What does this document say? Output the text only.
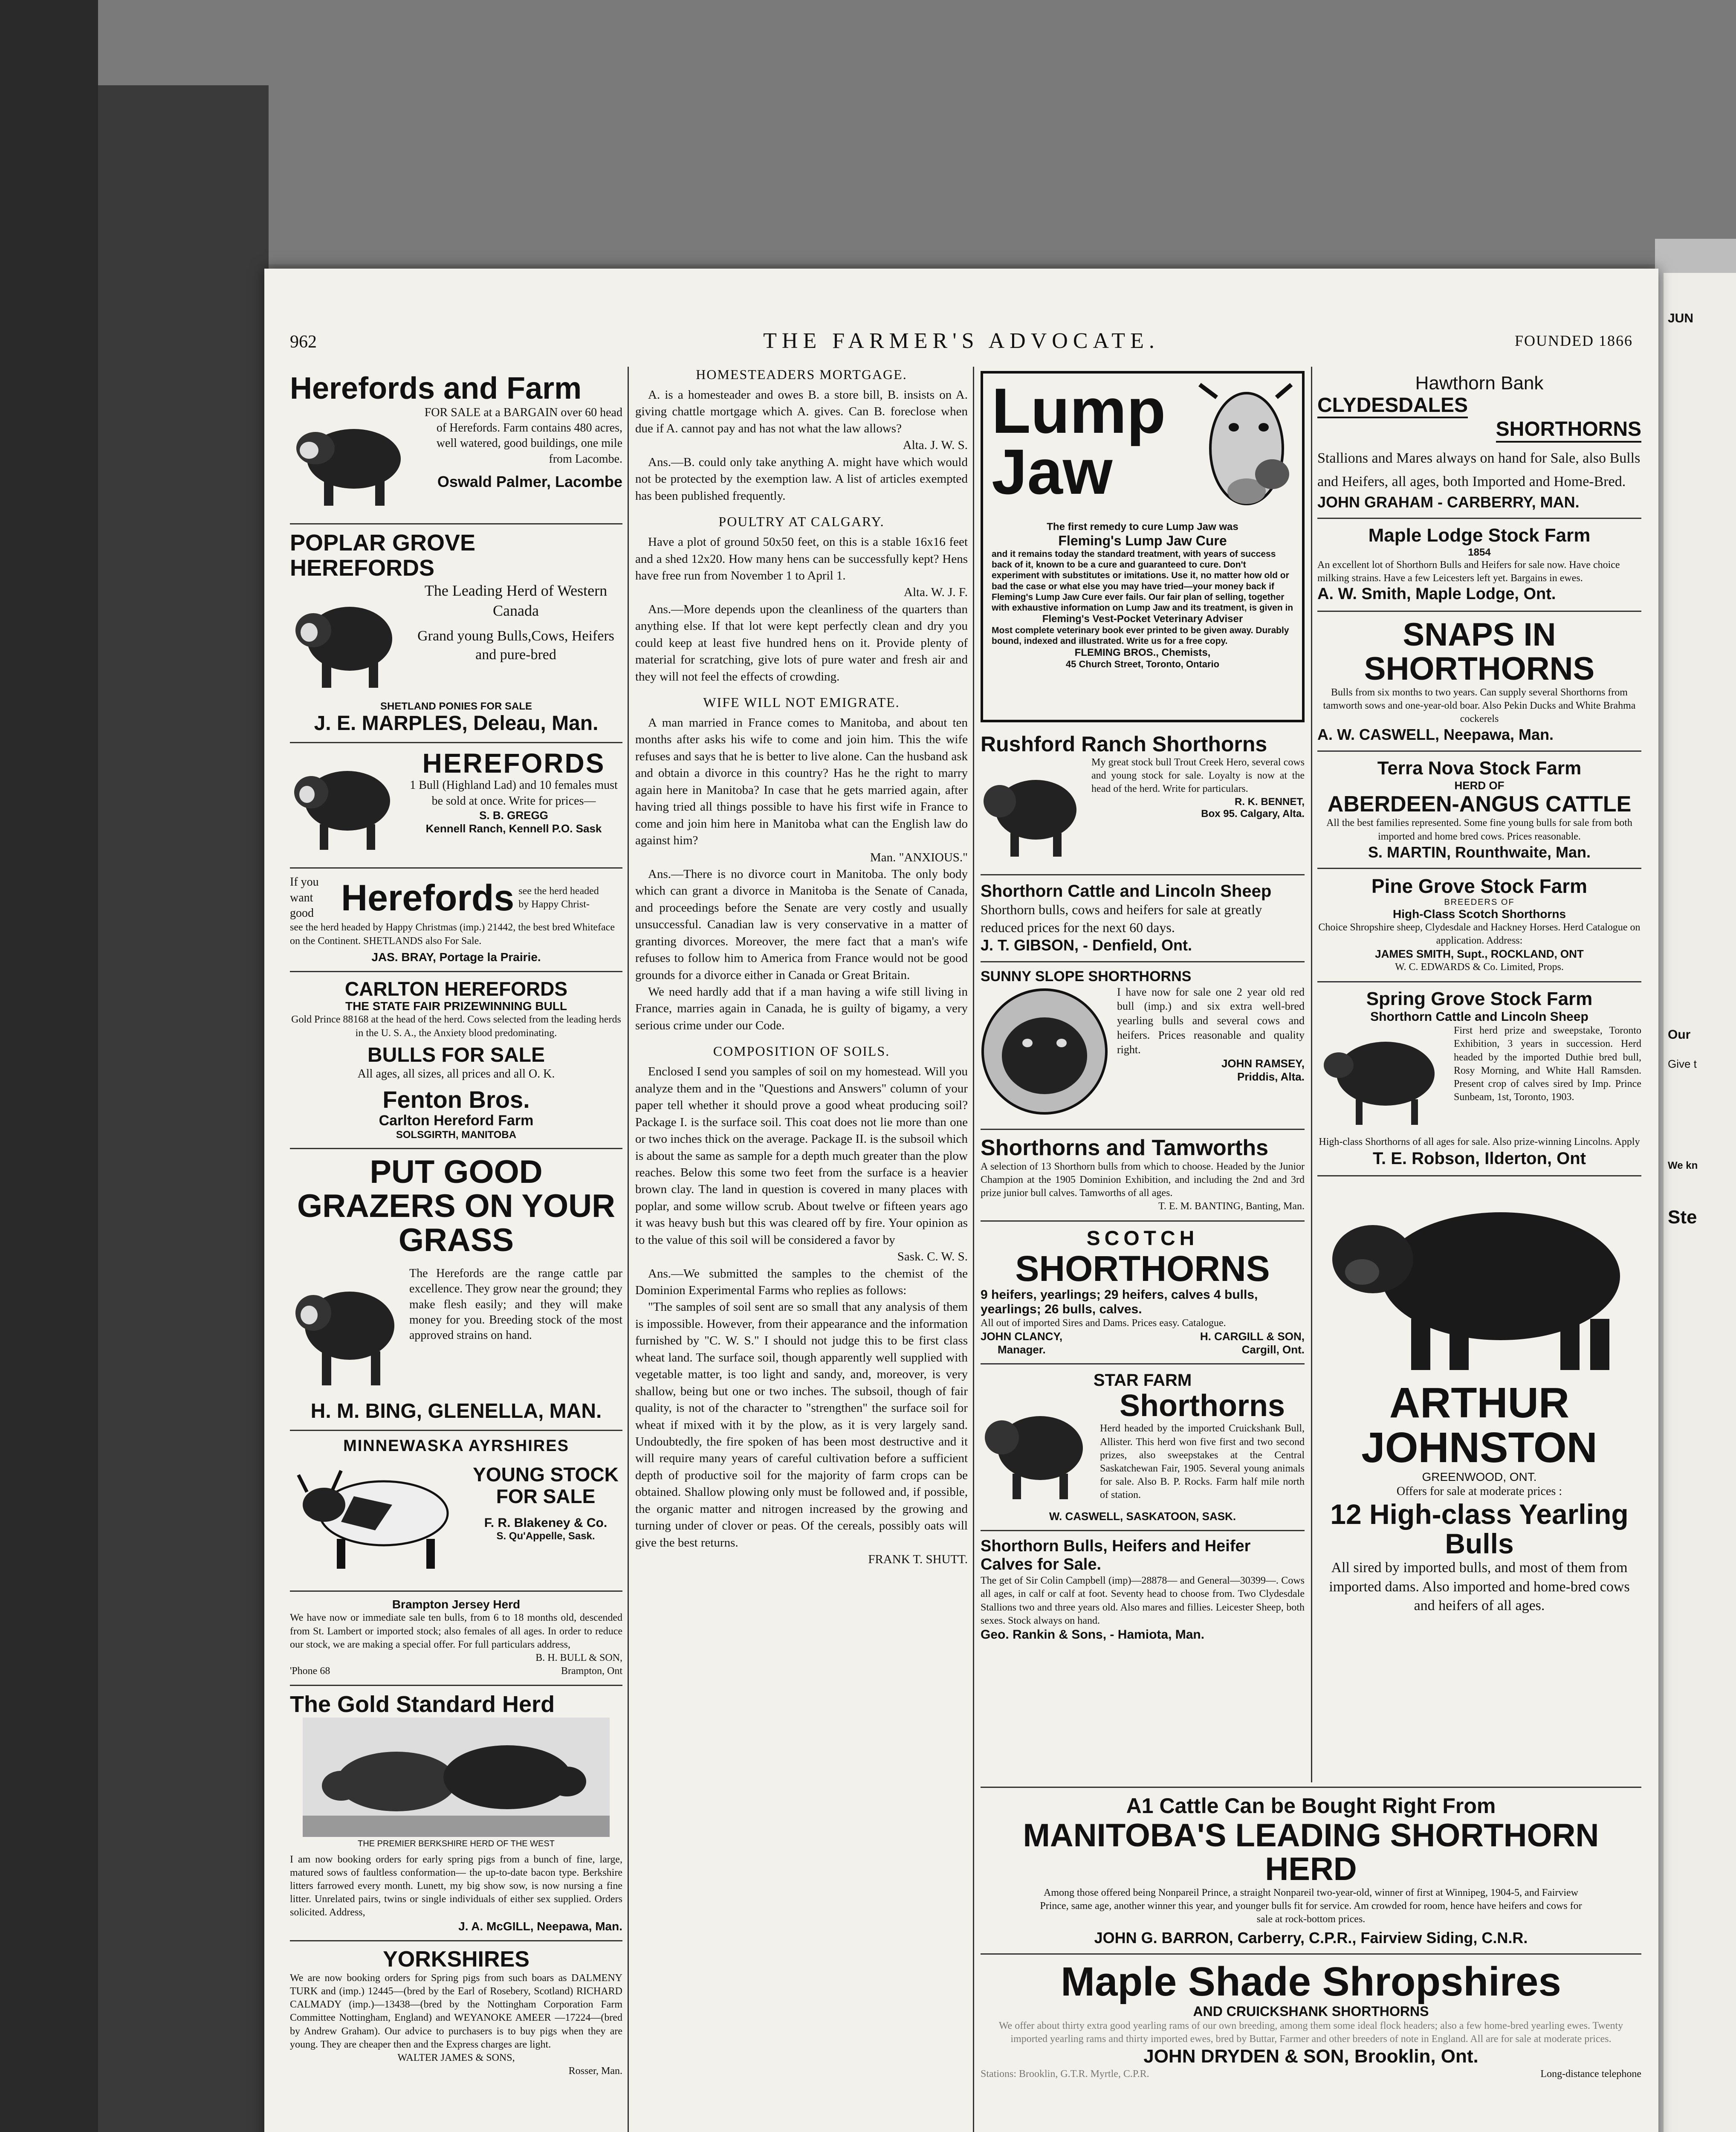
JUN
Our
Give t
We kn
Ste
962	THE FARMER'S ADVOCATE.	FOUNDED 1866
Herefords and Farm
FOR SALE at a BARGAIN over 60 head of Herefords. Farm contains 480 acres, well watered, good buildings, one mile from Lacombe.
Oswald Palmer, Lacombe
POPLAR GROVE HEREFORDS
The Leading Herd of Western Canada
Grand young Bulls,Cows, Heifers and pure-bred
SHETLAND PONIES FOR SALE
J. E. MARPLES, Deleau, Man.
HEREFORDS
1 Bull (Highland Lad) and 10 females must be sold at once. Write for prices—
S. B. GREGG
Kennell Ranch, Kennell P.O. Sask
If you want good Herefords see the herd headed by Happy Christ-
see the herd headed by Happy Christmas (imp.) 21442, the best bred Whiteface on the Continent. SHETLANDS also For Sale.
JAS. BRAY, Portage la Prairie.
CARLTON HEREFORDS
THE STATE FAIR PRIZEWINNING BULL
Gold Prince 88168 at the head of the herd. Cows selected from the leading herds in the U. S. A., the Anxiety blood predominating.
BULLS FOR SALE
All ages, all sizes, all prices and all O. K.
Fenton Bros.
Carlton Hereford Farm
SOLSGIRTH, MANITOBA
PUT GOOD GRAZERS ON YOUR GRASS
The Herefords are the range cattle par excellence. They grow near the ground; they make flesh easily; and they will make money for you. Breeding stock of the most approved strains on hand.
H. M. BING, GLENELLA, MAN.
MINNEWASKA AYRSHIRES
YOUNG STOCK FOR SALE
F. R. Blakeney & Co.
S. Qu'Appelle, Sask.
Brampton Jersey Herd
We have now or immediate sale ten bulls, from 6 to 18 months old, descended from St. Lambert or imported stock; also females of all ages. In order to reduce our stock, we are making a special offer. For full particulars address,
B. H. BULL & SON,
'Phone 68	Brampton, Ont
The Gold Standard Herd
THE PREMIER BERKSHIRE HERD OF THE WEST
I am now booking orders for early spring pigs from a bunch of fine, large, matured sows of faultless conformation— the up-to-date bacon type. Berkshire litters farrowed every month. Lunett, my big show sow, is now nursing a fine litter. Unrelated pairs, twins or single individuals of either sex supplied. Orders solicited. Address,
J. A. McGILL, Neepawa, Man.
YORKSHIRES
We are now booking orders for Spring pigs from such boars as DALMENY TURK and (imp.) 12445—(bred by the Earl of Rosebery, Scotland) RICHARD CALMADY (imp.)—13438—(bred by the Nottingham Corporation Farm Committee Nottingham, England) and WEYANOKE AMEER —17224—(bred by Andrew Graham). Our advice to purchasers is to buy pigs when they are young. They are cheaper then and the Express charges are light.
WALTER JAMES & SONS,
Rosser, Man.
HOMESTEADERS MORTGAGE.

A. is a homesteader and owes B. a store bill, B. insists on A. giving chattle mortgage which A. gives. Can B. foreclose when due if A. cannot pay and has not what the law allows?

Alta. J. W. S.

Ans.—B. could only take anything A. might have which would not be protected by the exemption law. A list of articles exempted has been published frequently.

POULTRY AT CALGARY.

Have a plot of ground 50x50 feet, on this is a stable 16x16 feet and a shed 12x20. How many hens can be successfully kept? Hens have free run from November 1 to April 1.

Alta. W. J. F.

Ans.—More depends upon the cleanliness of the quarters than anything else. If that lot were kept perfectly clean and dry you could keep at least five hundred hens on it. Provide plenty of material for scratching, give lots of pure water and fresh air and they will not feel the effects of crowding.

WIFE WILL NOT EMIGRATE.

A man married in France comes to Manitoba, and about ten months after asks his wife to come and join him. This the wife refuses and says that he is better to live alone. Can the husband ask and obtain a divorce in this country? Has he the right to marry again here in Manitoba? In case that he gets married again, after having tried all things possible to have his first wife in France to come and join him here in Manitoba what can the English law do against him?

Man. "ANXIOUS."

Ans.—There is no divorce court in Manitoba. The only body which can grant a divorce in Manitoba is the Senate of Canada, and proceedings before the Senate are very costly and usually unsuccessful. Canadian law is very conservative in a matter of granting divorces. Moreover, the mere fact that a man's wife refuses to follow him to America from France would not be good grounds for a divorce either in Canada or Great Britain.

We need hardly add that if a man having a wife still living in France, marries again in Canada, he is guilty of bigamy, a very serious crime under our Code.

COMPOSITION OF SOILS.

Enclosed I send you samples of soil on my homestead. Will you analyze them and in the "Questions and Answers" column of your paper tell whether it should prove a good wheat producing soil? Package I. is the surface soil. This coat does not lie more than one or two inches thick on the average. Package II. is the subsoil which is about the same as sample for a depth much greater than the plow reaches. Below this some two feet from the surface is a heavier brown clay. The land in question is covered in many places with poplar, and some willow scrub. About twelve or fifteen years ago it was heavy bush but this was cleared off by fire. Your opinion as to the value of this soil will be considered a favor by

Sask. C. W. S.

Ans.—We submitted the samples to the chemist of the Dominion Experimental Farms who replies as follows:

"The samples of soil sent are so small that any analysis of them is impossible. However, from their appearance and the information furnished by "C. W. S." I should not judge this to be first class wheat land. The surface soil, though apparently well supplied with vegetable matter, is too light and sandy, and, moreover, is very shallow, being but one or two inches. The subsoil, though of fair quality, is not of the character to "strengthen" the surface soil for wheat if mixed with it by the plow, as it is very largely sand. Undoubtedly, the fire spoken of has been most destructive and it will require many years of careful cultivation before a sufficient depth of productive soil for the majority of farm crops can be obtained. Shallow plowing only must be followed and, if possible, the organic matter and nitrogen increased by the growing and turning under of clover or peas. Of the cereals, possibly oats will give the best returns.

FRANK T. SHUTT.

Lump
Jaw
The first remedy to cure Lump Jaw was
Fleming's Lump Jaw Cure
and it remains today the standard treatment, with years of success back of it, known to be a cure and guaranteed to cure. Don't experiment with substitutes or imitations. Use it, no matter how old or bad the case or what else you may have tried—your money back if Fleming's Lump Jaw Cure ever fails. Our fair plan of selling, together with exhaustive information on Lump Jaw and its treatment, is given in
Fleming's Vest-Pocket Veterinary Adviser
Most complete veterinary book ever printed to be given away. Durably bound, indexed and illustrated. Write us for a free copy.
FLEMING BROS., Chemists,
45 Church Street, Toronto, Ontario
Rushford Ranch Shorthorns
My great stock bull Trout Creek Hero, several cows and young stock for sale. Loyalty is now at the head of the herd. Write for particulars.
R. K. BENNET,
Box 95. Calgary, Alta.
Shorthorn Cattle and Lincoln Sheep
Shorthorn bulls, cows and heifers for sale at greatly reduced prices for the next 60 days.
J. T. GIBSON, - Denfield, Ont.
SUNNY SLOPE SHORTHORNS
I have now for sale one 2 year old red bull (imp.) and six extra well-bred yearling bulls and several cows and heifers. Prices reasonable and quality right.
JOHN RAMSEY,
Priddis, Alta.
Shorthorns and Tamworths
A selection of 13 Shorthorn bulls from which to choose. Headed by the Junior Champion at the 1905 Dominion Exhibition, and including the 2nd and 3rd prize junior bull calves. Tamworths of all ages.
T. E. M. BANTING, Banting, Man.
SCOTCH
SHORTHORNS
9 heifers, yearlings; 29 heifers, calves 4 bulls, yearlings; 26 bulls, calves.
All out of imported Sires and Dams. Prices easy. Catalogue.
JOHN CLANCY,
Manager.
H. CARGILL & SON,
Cargill, Ont.
STAR FARM
Shorthorns
Herd headed by the imported Cruickshank Bull, Allister. This herd won five first and two second prizes, also sweepstakes at the Central Saskatchewan Fair, 1905. Several young animals for sale. Also B. P. Rocks. Farm half mile north of station.
W. CASWELL, SASKATOON, SASK.
Shorthorn Bulls, Heifers and Heifer Calves for Sale.
The get of Sir Colin Campbell (imp)—28878— and General—30399—. Cows all ages, in calf or calf at foot. Seventy head to choose from. Two Clydesdale Stallions two and three years old. Also mares and fillies. Leicester Sheep, both sexes. Stock always on hand.
Geo. Rankin & Sons, - Hamiota, Man.
Hawthorn Bank
CLYDESDALES
SHORTHORNS
Stallions and Mares always on hand for Sale, also Bulls and Heifers, all ages, both Imported and Home-Bred.
JOHN GRAHAM - CARBERRY, MAN.
Maple Lodge Stock Farm
1854
An excellent lot of Shorthorn Bulls and Heifers for sale now. Have choice milking strains. Have a few Leicesters left yet. Bargains in ewes.
A. W. Smith, Maple Lodge, Ont.
SNAPS IN SHORTHORNS
Bulls from six months to two years. Can supply several Shorthorns from tamworth sows and one-year-old boar. Also Pekin Ducks and White Brahma cockerels
A. W. CASWELL, Neepawa, Man.
Terra Nova Stock Farm
HERD OF
ABERDEEN-ANGUS CATTLE
All the best families represented. Some fine young bulls for sale from both imported and home bred cows. Prices reasonable.
S. MARTIN, Rounthwaite, Man.
Pine Grove Stock Farm
BREEDERS OF
High-Class Scotch Shorthorns
Choice Shropshire sheep, Clydesdale and Hackney Horses. Herd Catalogue on application. Address:
JAMES SMITH, Supt., ROCKLAND, ONT
W. C. EDWARDS & Co. Limited, Props.
Spring Grove Stock Farm
Shorthorn Cattle and Lincoln Sheep
First herd prize and sweepstake, Toronto Exhibition, 3 years in succession. Herd headed by the imported Duthie bred bull, Rosy Morning, and White Hall Ramsden. Present crop of calves sired by Imp. Prince Sunbeam, 1st, Toronto, 1903.
High-class Shorthorns of all ages for sale. Also prize-winning Lincolns. Apply
T. E. Robson, Ilderton, Ont
ARTHUR JOHNSTON
GREENWOOD, ONT.
Offers for sale at moderate prices :
12 High-class Yearling Bulls
All sired by imported bulls, and most of them from imported dams. Also imported and home-bred cows and heifers of all ages.
A1 Cattle Can be Bought Right From
MANITOBA'S LEADING SHORTHORN HERD
Among those offered being Nonpareil Prince, a straight Nonpareil two-year-old, winner of first at Winnipeg, 1904-5, and Fairview Prince, same age, another winner this year, and younger bulls fit for service. Am crowded for room, hence have heifers and cows for sale at rock-bottom prices.
JOHN G. BARRON, Carberry, C.P.R., Fairview Siding, C.N.R.
Maple Shade Shropshires
AND CRUICKSHANK SHORTHORNS
We offer about thirty extra good yearling rams of our own breeding, among them some ideal flock headers; also a few home-bred yearling ewes. Twenty imported yearling rams and thirty imported ewes, bred by Buttar, Farmer and other breeders of note in England. All are for sale at moderate prices.
JOHN DRYDEN & SON, Brooklin, Ont.
Stations: Brooklin, G.T.R. Myrtle, C.P.R.	Long-distance telephone
